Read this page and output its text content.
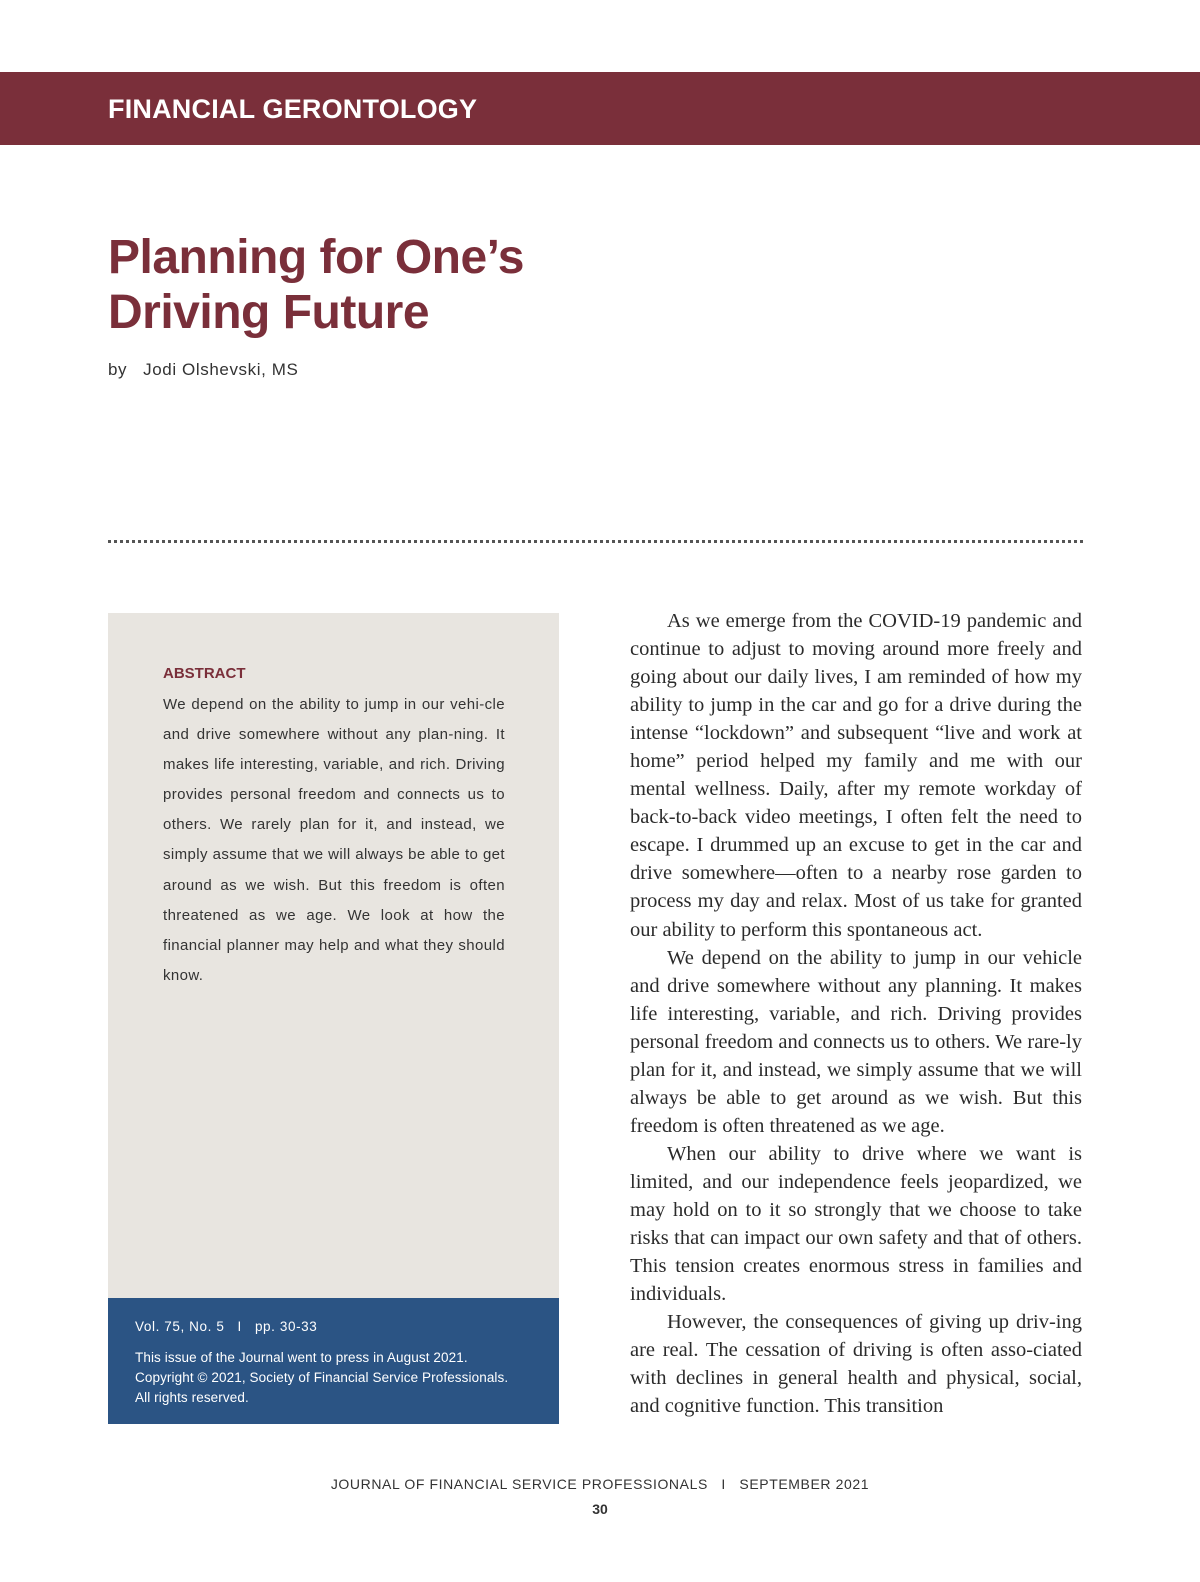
FINANCIAL GERONTOLOGY
Planning for One’s
Driving Future
by Jodi Olshevski, MS
ABSTRACT
We depend on the ability to jump in our vehi-cle and drive somewhere without any plan-ning. It makes life interesting, variable, and rich. Driving provides personal freedom and connects us to others. We rarely plan for it, and instead, we simply assume that we will always be able to get around as we wish. But this freedom is often threatened as we age. We look at how the financial planner may help and what they should know.
Vol. 75, No. 5 I pp. 30-33
This issue of the Journal went to press in August 2021.
Copyright © 2021, Society of Financial Service Professionals.
All rights reserved.

As we emerge from the COVID-19 pandemic and continue to adjust to moving around more freely and going about our daily lives, I am reminded of how my ability to jump in the car and go for a drive during the intense “lockdown” and subsequent “live and work at home” period helped my family and me with our mental wellness. Daily, after my remote workday of back-to-back video meetings, I often felt the need to escape. I drummed up an excuse to get in the car and drive somewhere—often to a nearby rose garden to process my day and relax. Most of us take for granted our ability to perform this spontaneous act.

We depend on the ability to jump in our vehicle and drive somewhere without any planning. It makes life interesting, variable, and rich. Driving provides personal freedom and connects us to others. We rare-ly plan for it, and instead, we simply assume that we will always be able to get around as we wish. But this freedom is often threatened as we age.

When our ability to drive where we want is limited, and our independence feels jeopardized, we may hold on to it so strongly that we choose to take risks that can impact our own safety and that of others. This tension creates enormous stress in families and individuals.

However, the consequences of giving up driv-ing are real. The cessation of driving is often asso-ciated with declines in general health and physical, social, and cognitive function. This transition

JOURNAL OF FINANCIAL SERVICE PROFESSIONALS I SEPTEMBER 2021
30
